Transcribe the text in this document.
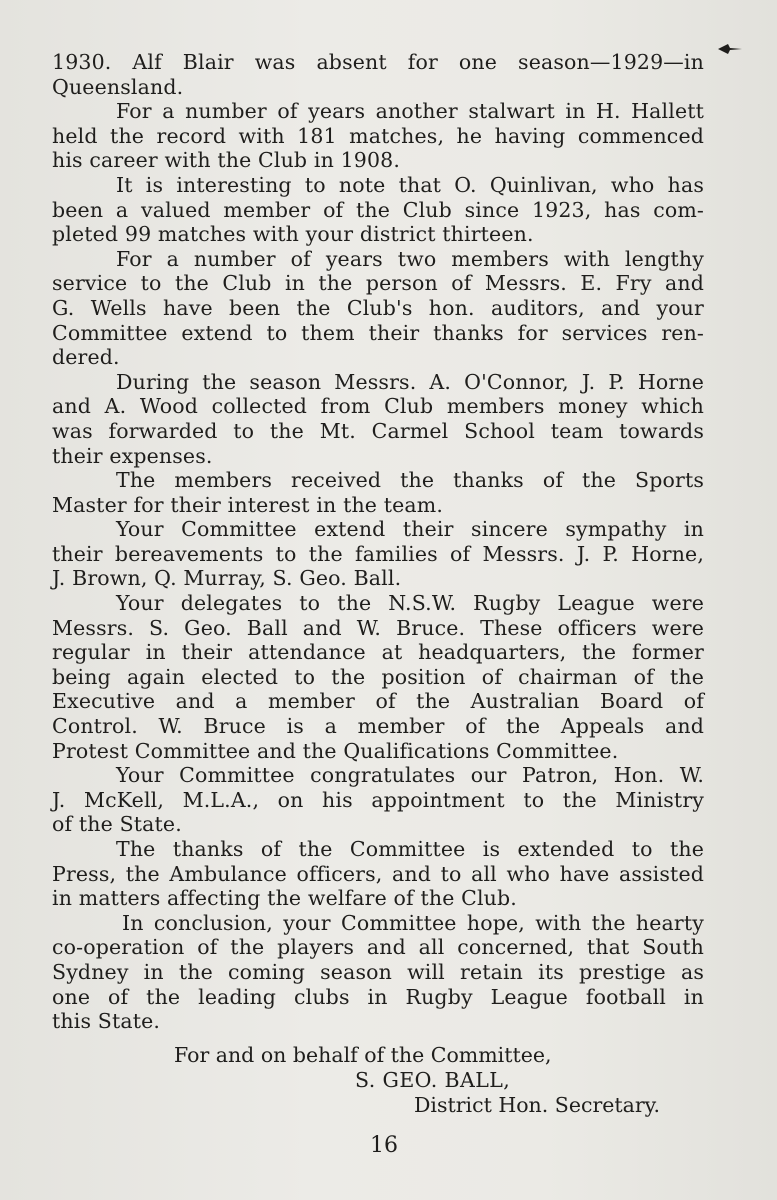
1930. Alf Blair was absent for one season—1929—in
Queensland.
For a number of years another stalwart in H. Hallett
held the record with 181 matches, he having commenced
his career with the Club in 1908.
It is interesting to note that O. Quinlivan, who has
been a valued member of the Club since 1923, has com-
pleted 99 matches with your district thirteen.
For a number of years two members with lengthy
service to the Club in the person of Messrs. E. Fry and
G. Wells have been the Club's hon. auditors, and your
Committee extend to them their thanks for services ren-
dered.
During the season Messrs. A. O'Connor, J. P. Horne
and A. Wood collected from Club members money which
was forwarded to the Mt. Carmel School team towards
their expenses.
The members received the thanks of the Sports
Master for their interest in the team.
Your Committee extend their sincere sympathy in
their bereavements to the families of Messrs. J. P. Horne,
J. Brown, Q. Murray, S. Geo. Ball.
Your delegates to the N.S.W. Rugby League were
Messrs. S. Geo. Ball and W. Bruce. These officers were
regular in their attendance at headquarters, the former
being again elected to the position of chairman of the
Executive and a member of the Australian Board of
Control. W. Bruce is a member of the Appeals and
Protest Committee and the Qualifications Committee.
Your Committee congratulates our Patron, Hon. W.
J. McKell, M.L.A., on his appointment to the Ministry
of the State.
The thanks of the Committee is extended to the
Press, the Ambulance officers, and to all who have assisted
in matters affecting the welfare of the Club.
In conclusion, your Committee hope, with the hearty
co-operation of the players and all concerned, that South
Sydney in the coming season will retain its prestige as
one of the leading clubs in Rugby League football in
this State.
For and on behalf of the Committee,
S. GEO. BALL,
District Hon. Secretary.
16
